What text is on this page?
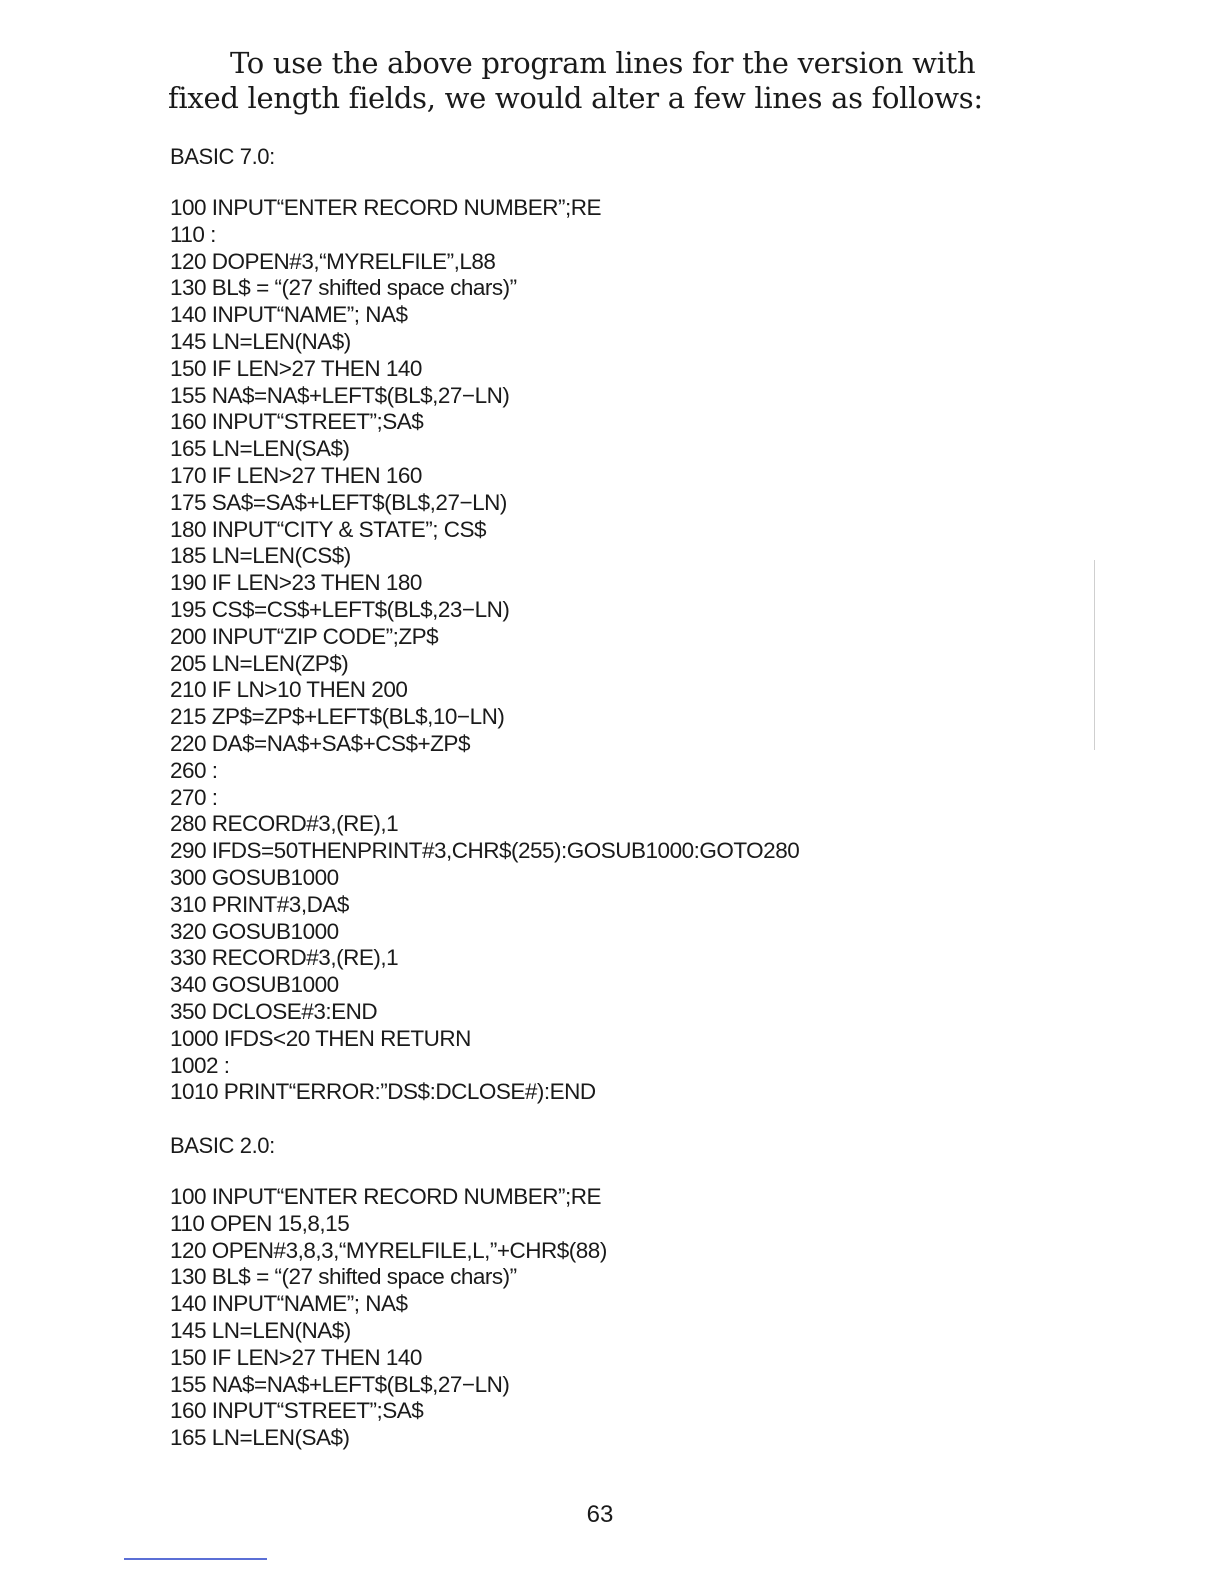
To use the above program lines for the version with fixed length fields, we would alter a few lines as follows:

BASIC 7.0:

100 INPUT“ENTER RECORD NUMBER”;RE
110 :
120 DOPEN#3,“MYRELFILE”,L88
130 BL$ = “(27 shifted space chars)”
140 INPUT“NAME”; NA$
145 LN=LEN(NA$)
150 IF LEN>27 THEN 140
155 NA$=NA$+LEFT$(BL$,27−LN)
160 INPUT“STREET”;SA$
165 LN=LEN(SA$)
170 IF LEN>27 THEN 160
175 SA$=SA$+LEFT$(BL$,27−LN)
180 INPUT“CITY & STATE”; CS$
185 LN=LEN(CS$)
190 IF LEN>23 THEN 180
195 CS$=CS$+LEFT$(BL$,23−LN)
200 INPUT“ZIP CODE”;ZP$
205 LN=LEN(ZP$)
210 IF LN>10 THEN 200
215 ZP$=ZP$+LEFT$(BL$,10−LN)
220 DA$=NA$+SA$+CS$+ZP$
260 :
270 :
280 RECORD#3,(RE),1
290 IFDS=50THENPRINT#3,CHR$(255):GOSUB1000:GOTO280
300 GOSUB1000
310 PRINT#3,DA$
320 GOSUB1000
330 RECORD#3,(RE),1
340 GOSUB1000
350 DCLOSE#3:END
1000 IFDS<20 THEN RETURN
1002 :
1010 PRINT“ERROR:”DS$:DCLOSE#):END

BASIC 2.0:

100 INPUT“ENTER RECORD NUMBER”;RE
110 OPEN 15,8,15
120 OPEN#3,8,3,“MYRELFILE,L,”+CHR$(88)
130 BL$ = “(27 shifted space chars)”
140 INPUT“NAME”; NA$
145 LN=LEN(NA$)
150 IF LEN>27 THEN 140
155 NA$=NA$+LEFT$(BL$,27−LN)
160 INPUT“STREET”;SA$
165 LN=LEN(SA$)

63
